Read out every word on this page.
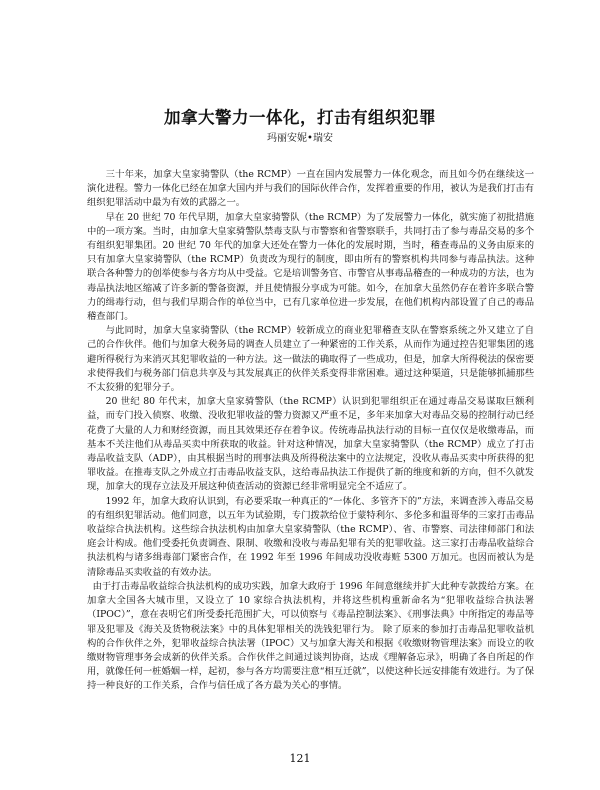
加拿大警力一体化，打击有组织犯罪
玛丽安妮•瑞安

三十年来，加拿大皇家骑警队（the RCMP）一直在国内发展警力一体化观念，而且如今仍在继续这一演化进程。警力一体化已经在加拿大国内并与我们的国际伙伴合作，发挥着重要的作用，被认为是我们打击有组织犯罪活动中最为有效的武器之一。

早在 20 世纪 70 年代早期，加拿大皇家骑警队（the RCMP）为了发展警力一体化，就实施了初批措施中的一项方案。当时，由加拿大皇家骑警队禁毒支队与市警察和省警察联手，共同打击了参与毒品交易的多个有组织犯罪集团。20 世纪 70 年代的加拿大还处在警力一体化的发展时期，当时，稽查毒品的义务由原来的只有加拿大皇家骑警队（the RCMP）负责改为现行的制度，即由所有的警察机构共同参与毒品执法。这种联合各种警力的创举使参与各方均从中受益。它是培训警务官、市警官从事毒品稽查的一种成功的方法，也为毒品执法地区缩减了许多新的警备资源，并且使情报分享成为可能。如今，在加拿大虽然仍存在着许多联合警力的缉毒行动，但与我们早期合作的单位当中，已有几家单位进一步发展，在他们机构内部设置了自己的毒品稽查部门。

与此同时，加拿大皇家骑警队（the RCMP）较新成立的商业犯罪稽查支队在警察系统之外又建立了自己的合作伙伴。他们与加拿大税务局的调查人员建立了一种紧密的工作关系，从而作为通过控告犯罪集团的逃避所得税行为来消灭其犯罪收益的一种方法。这一做法的确取得了一些成功，但是，加拿大所得税法的保密要求使得我们与税务部门信息共享及与其发展真正的伙伴关系变得非常困难。通过这种渠道，只是能够抓捕那些不太狡猾的犯罪分子。

20 世纪 80 年代末，加拿大皇家骑警队（the RCMP）认识到犯罪组织正在通过毒品交易谋取巨额利益，而专门投入侦察、收缴、没收犯罪收益的警力资源又严重不足，多年来加拿大对毒品交易的控制行动已经花费了大量的人力和财经资源，而且其效果还存在着争议。传统毒品执法行动的目标一直仅仅是收缴毒品，而基本不关注他们从毒品买卖中所获取的收益。针对这种情况，加拿大皇家骑警队（the RCMP）成立了打击毒品收益支队（ADP），由其根据当时的刑事法典及所得税法案中的立法规定，没收从毒品买卖中所获得的犯罪收益。在推毒支队之外成立打击毒品收益支队，这给毒品执法工作提供了新的维度和新的方向，但不久就发现，加拿大的现存立法及开展这种侦查活动的资源已经非常明显完全不适应了。

1992 年，加拿大政府认识到，有必要采取一种真正的“一体化、多管齐下的”方法，来调查涉入毒品交易的有组织犯罪活动。他们同意，以五年为试验期，专门拨款给位于蒙特利尔、多伦多和温哥华的三家打击毒品收益综合执法机构。这些综合执法机构由加拿大皇家骑警队（the RCMP）、省、市警察、司法律师部门和法庭会计构成。他们受委托负责调查、限制、收缴和没收与毒品犯罪有关的犯罪收益。这三家打击毒品收益综合执法机构与诸多缉毒部门紧密合作，在 1992 年至 1996 年间成功没收毒赃 5300 万加元。也因而被认为是清除毒品买卖收益的有效办法。

由于打击毒品收益综合执法机构的成功实践，加拿大政府于 1996 年间意继续并扩大此种专款拨给方案。在加拿大全国各大城市里，又设立了 10 家综合执法机构，并将这些机构重新命名为“犯罪收益综合执法署（IPOC）”，意在表明它们所受委托范围扩大，可以侦察与《毒品控制法案》、《刑事法典》中所指定的毒品等罪及犯罪及《海关及货物税法案》中的具体犯罪相关的洗钱犯罪行为。 除了原来的参加打击毒品犯罪收益机构的合作伙伴之外，犯罪收益综合执法署（IPOC）又与加拿大海关和根据《收缴财物管理法案》而设立的收缴财物管理事务会成新的伙伴关系。合作伙伴之间通过谈判协商，达成《理解备忘录》，明确了各自所起的作用，就像任何一桩婚姻一样，起初，参与各方均需要注意“相互迁就”，以使这种长远安排能有效进行。为了保持一种良好的工作关系，合作与信任成了各方最为关心的事情。

121
